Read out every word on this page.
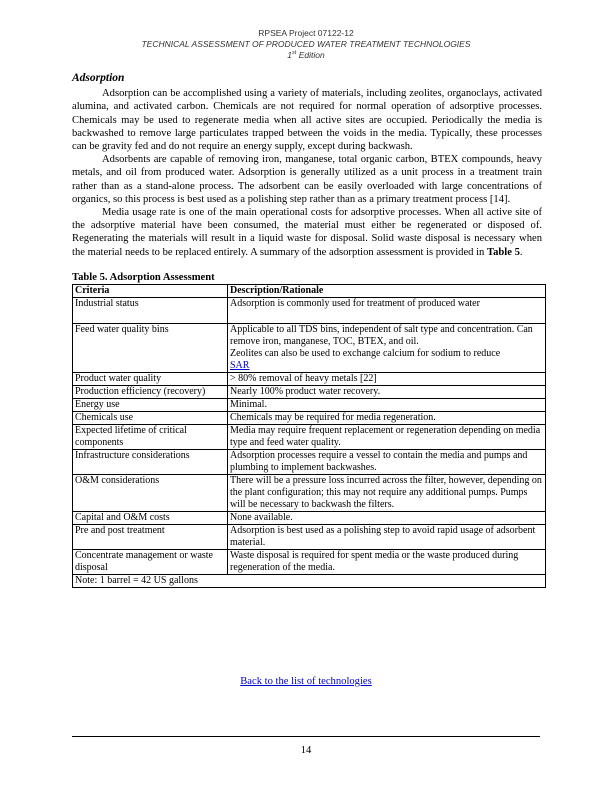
RPSEA Project 07122-12
TECHNICAL ASSESSMENT OF PRODUCED WATER TREATMENT TECHNOLOGIES
1st Edition
Adsorption

Adsorption can be accomplished using a variety of materials, including zeolites, organoclays, activated alumina, and activated carbon. Chemicals are not required for normal operation of adsorptive processes. Chemicals may be used to regenerate media when all active sites are occupied. Periodically the media is backwashed to remove large particulates trapped between the voids in the media. Typically, these processes can be gravity fed and do not require an energy supply, except during backwash.

Adsorbents are capable of removing iron, manganese, total organic carbon, BTEX compounds, heavy metals, and oil from produced water. Adsorption is generally utilized as a unit process in a treatment train rather than as a stand-alone process. The adsorbent can be easily overloaded with large concentrations of organics, so this process is best used as a polishing step rather than as a primary treatment process [14].

Media usage rate is one of the main operational costs for adsorptive processes. When all active site of the adsorptive material have been consumed, the material must either be regenerated or disposed of. Regenerating the materials will result in a liquid waste for disposal. Solid waste disposal is necessary when the material needs to be replaced entirely. A summary of the adsorption assessment is provided in Table 5.

Table 5. Adsorption Assessment
Criteria	Description/Rationale
Industrial status	Adsorption is commonly used for treatment of produced water
Feed water quality bins	Applicable to all TDS bins, independent of salt type and concentration. Can remove iron, manganese, TOC, BTEX, and oil.
Zeolites can also be used to exchange calcium for sodium to reduce
SAR
Product water quality	> 80% removal of heavy metals [22]
Production efficiency (recovery)	Nearly 100% product water recovery.
Energy use	Minimal.
Chemicals use	Chemicals may be required for media regeneration.
Expected lifetime of critical components	Media may require frequent replacement or regeneration depending on media type and feed water quality.
Infrastructure considerations	Adsorption processes require a vessel to contain the media and pumps and plumbing to implement backwashes.
O&M considerations	There will be a pressure loss incurred across the filter, however, depending on the plant configuration; this may not require any additional pumps. Pumps will be necessary to backwash the filters.
Capital and O&M costs	None available.
Pre and post treatment	Adsorption is best used as a polishing step to avoid rapid usage of adsorbent material.
Concentrate management or waste disposal	Waste disposal is required for spent media or the waste produced during regeneration of the media.
Note: 1 barrel = 42 US gallons	
Back to the list of technologies
14
